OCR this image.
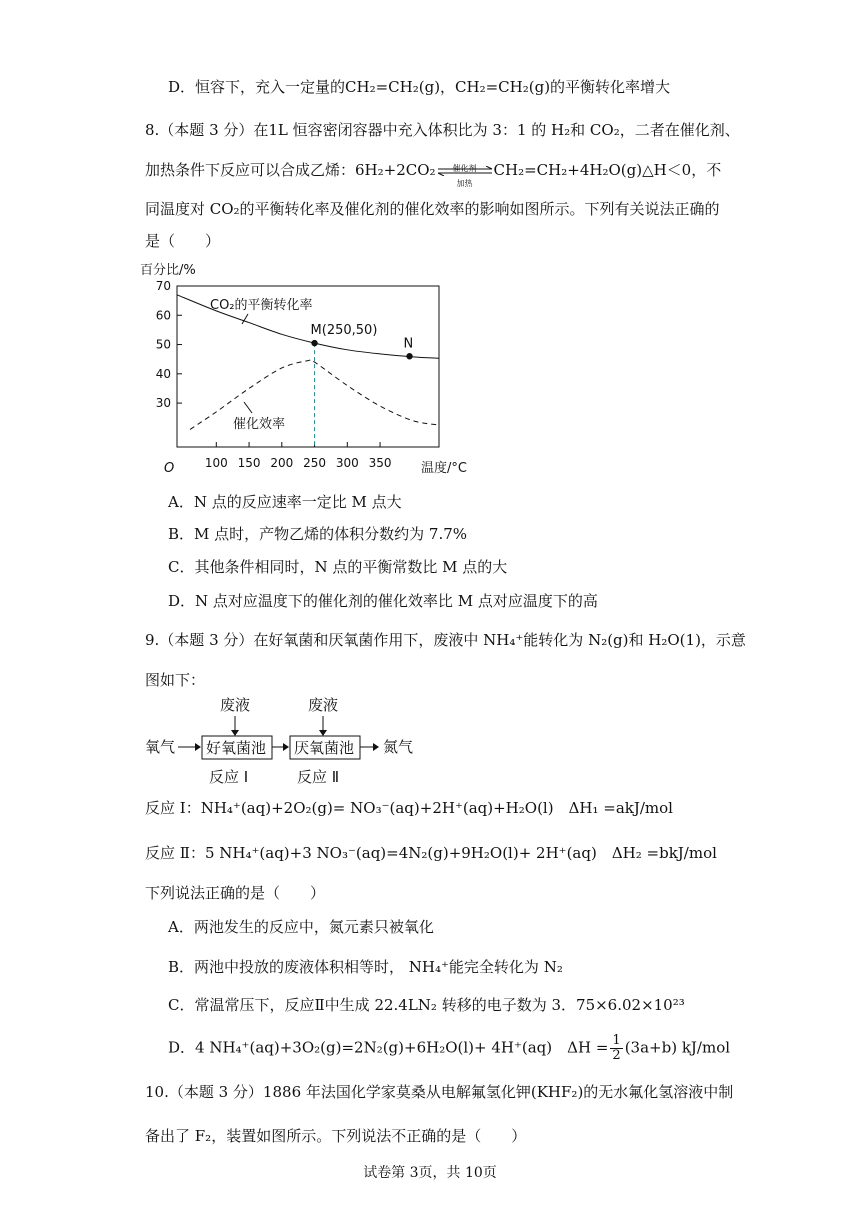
D．恒容下，充入一定量的CH₂=CH₂(g)，CH₂=CH₂(g)的平衡转化率增大
8.（本题 3 分）在1L 恒容密闭容器中充入体积比为 3：1 的 H₂和 CO₂，二者在催化剂、
加热条件下反应可以合成乙烯：6H₂+2CO₂	催化剂
加热
CH₂=CH₂+4H₂O(g)△H＜0，不
同温度对 CO₂的平衡转化率及催化剂的催化效率的影响如图所示。下列有关说法正确的
是（　　）
百分比/%
30
40
50
60
70
100 150 200 250 300 350
O	温度/°C
CO₂的平衡转化率
催化效率
M(250,50)
N
A．N 点的反应速率一定比 M 点大
B．M 点时，产物乙烯的体积分数约为 7.7%
C．其他条件相同时，N 点的平衡常数比 M 点的大
D．N 点对应温度下的催化剂的催化效率比 M 点对应温度下的高
9.（本题 3 分）在好氧菌和厌氧菌作用下，废液中 NH₄⁺能转化为 N₂(g)和 H₂O(1)，示意
图如下：
废液	废液
氧气 好氧菌池 厌氧菌池 氮气
反应 Ⅰ	反应 Ⅱ
反应 I：NH₄⁺(aq)+2O₂(g)= NO₃⁻(aq)+2H⁺(aq)+H₂O(l)　ΔH₁ =akJ/mol
反应 Ⅱ：5 NH₄⁺(aq)+3 NO₃⁻(aq)=4N₂(g)+9H₂O(l)+ 2H⁺(aq)　ΔH₂ =bkJ/mol
下列说法正确的是（　　）
A．两池发生的反应中，氮元素只被氧化
B．两池中投放的废液体积相等时， NH₄⁺能完全转化为 N₂
C．常温常压下，反应Ⅱ中生成 22.4LN₂ 转移的电子数为 3．75×6.02×10²³
D．4 NH₄⁺(aq)+3O₂(g)=2N₂(g)+6H₂O(l)+ 4H⁺(aq)　$\Delta H = \frac{1}{2} (3a+b)$ kJ/mol
10.（本题 3 分）1886 年法国化学家莫桑从电解氟氢化钾(KHF₂)的无水氟化氢溶液中制
备出了 F₂，装置如图所示。下列说法不正确的是（　　）
试卷第 3页，共 10页
